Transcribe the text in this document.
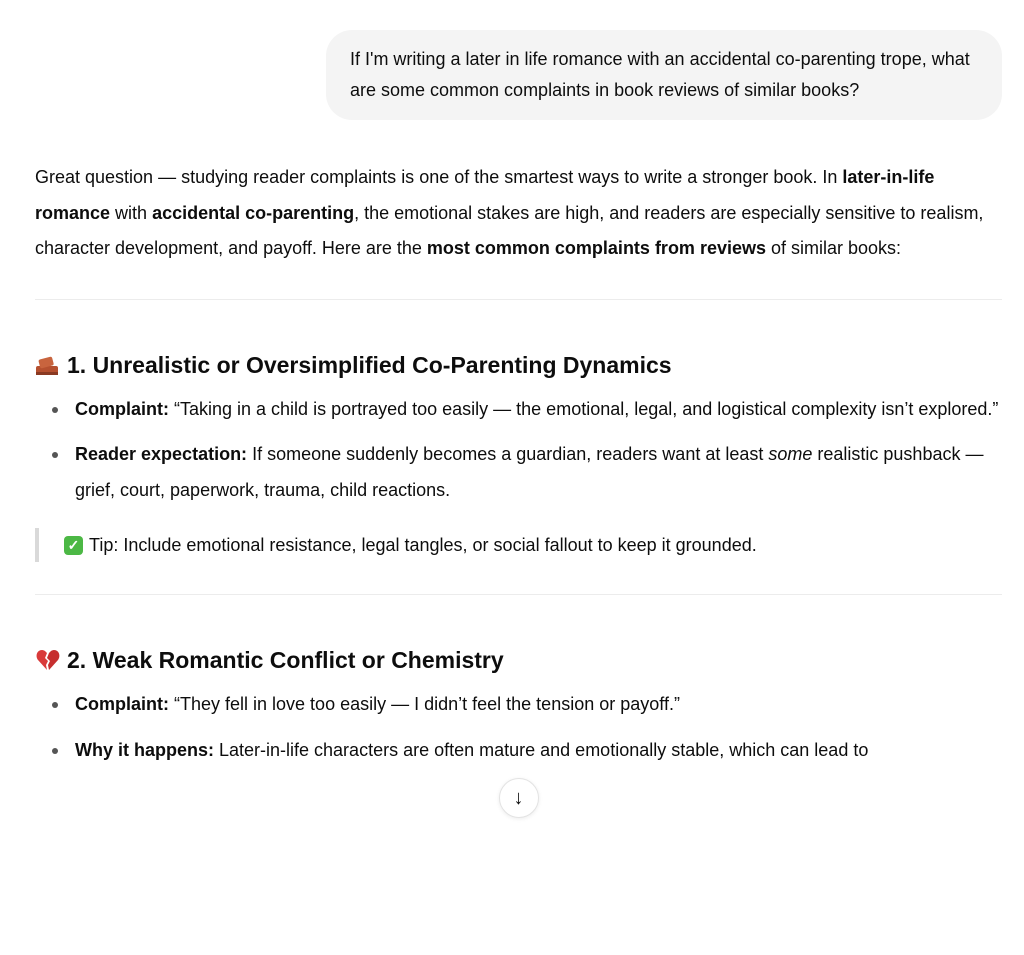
If I'm writing a later in life romance with an accidental co-parenting trope, what are some common complaints in book reviews of similar books?
Great question — studying reader complaints is one of the smartest ways to write a stronger book. In later-in-life romance with accidental co-parenting, the emotional stakes are high, and readers are especially sensitive to realism, character development, and payoff. Here are the most common complaints from reviews of similar books:
1. Unrealistic or Oversimplified Co-Parenting Dynamics
Complaint: “Taking in a child is portrayed too easily — the emotional, legal, and logistical complexity isn’t explored.”
Reader expectation: If someone suddenly becomes a guardian, readers want at least some realistic pushback — grief, court, paperwork, trauma, child reactions.
✓ Tip: Include emotional resistance, legal tangles, or social fallout to keep it grounded.
2. Weak Romantic Conflict or Chemistry
Complaint: “They fell in love too easily — I didn’t feel the tension or payoff.”
Why it happens: Later-in-life characters are often mature and emotionally stable, which can lead to
↓
